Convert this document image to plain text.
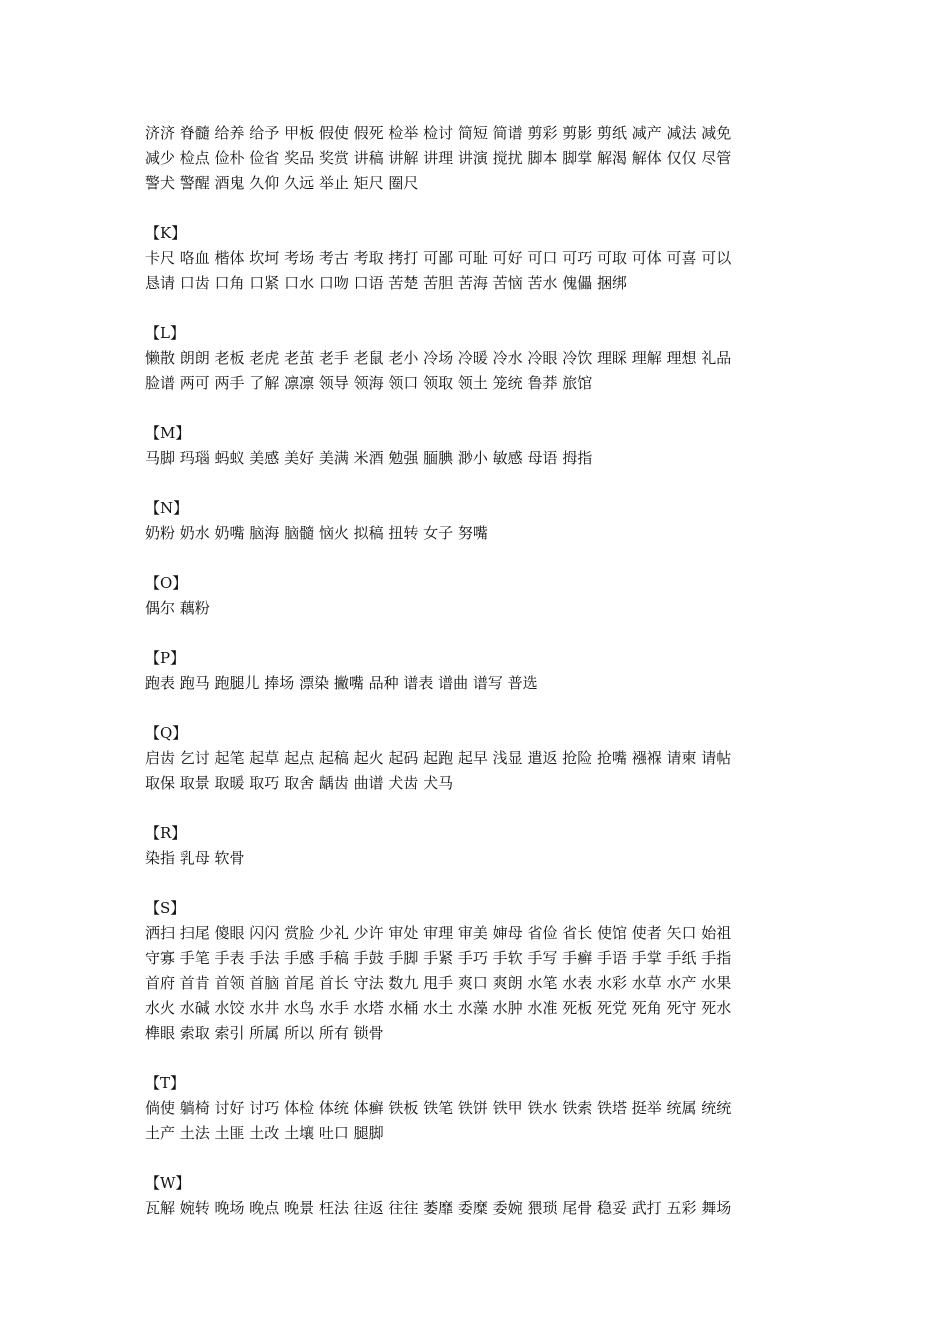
济济 脊髓 给养 给予 甲板 假使 假死 检举 检讨 简短 简谱 剪彩 剪影 剪纸 减产 减法 减免
减少 检点 俭朴 俭省 奖品 奖赏 讲稿 讲解 讲理 讲演 搅扰 脚本 脚掌 解渴 解体 仅仅 尽管
警犬 警醒 酒鬼 久仰 久远 举止 矩尺 圈尺
【K】
卡尺 咯血 楷体 坎坷 考场 考古 考取 拷打 可鄙 可耻 可好 可口 可巧 可取 可体 可喜 可以
恳请 口齿 口角 口紧 口水 口吻 口语 苦楚 苦胆 苦海 苦恼 苦水 傀儡 捆绑
【L】
懒散 朗朗 老板 老虎 老茧 老手 老鼠 老小 冷场 冷暖 冷水 冷眼 冷饮 理睬 理解 理想 礼品
脸谱 两可 两手 了解 凛凛 领导 领海 领口 领取 领土 笼统 鲁莽 旅馆
【M】
马脚 玛瑙 蚂蚁 美感 美好 美满 米酒 勉强 腼腆 渺小 敏感 母语 拇指
【N】
奶粉 奶水 奶嘴 脑海 脑髓 恼火 拟稿 扭转 女子 努嘴
【O】
偶尔 藕粉
【P】
跑表 跑马 跑腿儿 捧场 漂染 撇嘴 品种 谱表 谱曲 谱写 普选
【Q】
启齿 乞讨 起笔 起草 起点 起稿 起火 起码 起跑 起早 浅显 遣返 抢险 抢嘴 襁褓 请柬 请帖
取保 取景 取暖 取巧 取舍 龋齿 曲谱 犬齿 犬马
【R】
染指 乳母 软骨
【S】
洒扫 扫尾 傻眼 闪闪 赏脸 少礼 少许 审处 审理 审美 婶母 省俭 省长 使馆 使者 矢口 始祖
守寡 手笔 手表 手法 手感 手稿 手鼓 手脚 手紧 手巧 手软 手写 手癣 手语 手掌 手纸 手指
首府 首肯 首领 首脑 首尾 首长 守法 数九 甩手 爽口 爽朗 水笔 水表 水彩 水草 水产 水果
水火 水碱 水饺 水井 水鸟 水手 水塔 水桶 水土 水藻 水肿 水准 死板 死党 死角 死守 死水
榫眼 索取 索引 所属 所以 所有 锁骨
【T】
倘使 躺椅 讨好 讨巧 体检 体统 体癣 铁板 铁笔 铁饼 铁甲 铁水 铁索 铁塔 挺举 统属 统统
土产 土法 土匪 土改 土壤 吐口 腿脚
【W】
瓦解 婉转 晚场 晚点 晚景 枉法 往返 往往 萎靡 委糜 委婉 猥琐 尾骨 稳妥 武打 五彩 舞场
